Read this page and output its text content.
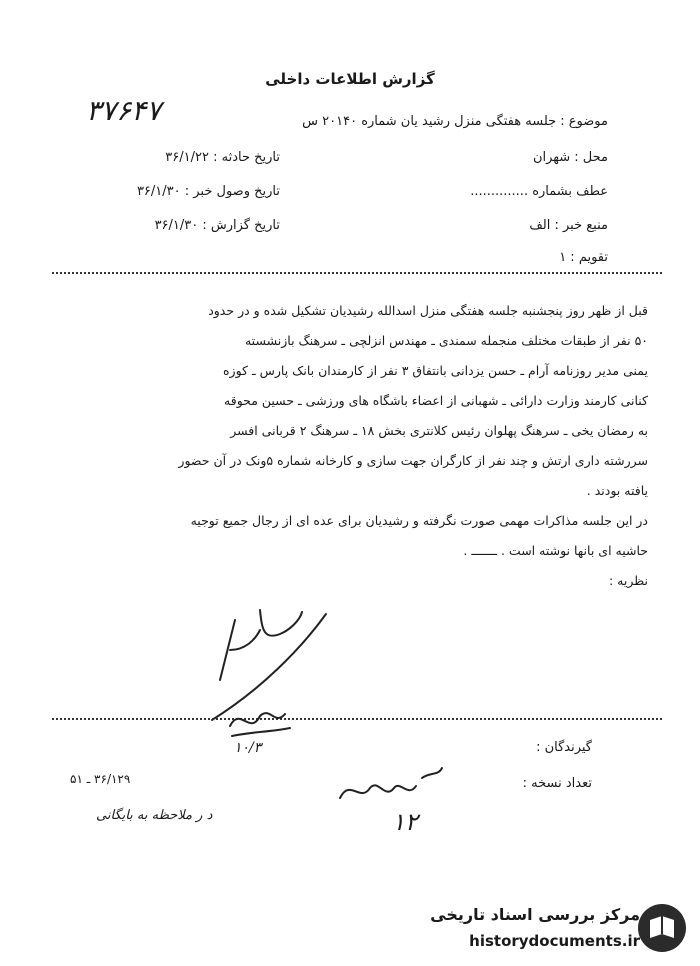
گزارش اطلاعات داخلی
۳۷۶۴۷	موضوع : جلسه هفتگی منزل رشید یان شماره ۲۰۱۴۰ س
محل : شهران
تاریخ حادثه : ۳۶/۱/۲۲
عطف بشماره ..............
تاریخ وصول خبر : ۳۶/۱/۳۰
منبع خبر : الف
تاریخ گزارش : ۳۶/۱/۳۰
تقویم : ۱

قبل از ظهر روز پنجشنبه جلسه هفتگی منزل اسدالله رشیدیان تشکیل شده و در حدود

۵۰ نفر از طبقات مختلف منجمله سمندی ـ مهندس انزلچی ـ سرهنگ بازنشسته

یمنی مدیر روزنامه آرام ـ حسن یزدانی بانتفاق ۳ نفر از کارمندان بانک پارس ـ کوزه

کنانی کارمند وزارت دارائی ـ شهبانی از اعضاء باشگاه های ورزشی ـ حسین محوقه

به رمضان یخی ـ سرهنگ پهلوان رئیس کلانتری بخش ۱۸ ـ سرهنگ ۲ قربانی افسر

سررشته داری ارتش و چند نفر از کارگران جهت سازی و کارخانه شماره ۵ونک در آن حضور

یافته بودند .

در این جلسه مذاکرات مهمی صورت نگرفته و رشیدیان برای عده ای از رجال جمیع توجیه

حاشیه ای بانها نوشته است . ـــــــ .

نظریه :

۱۰/۳	گیرندگان :
تعداد نسخه :
۱۲
۳۶/۱۲۹ ـ ۵۱
د ر ملاحظه به بایگانی
مرکز بررسی اسناد تاریخی
historydocuments.ir
